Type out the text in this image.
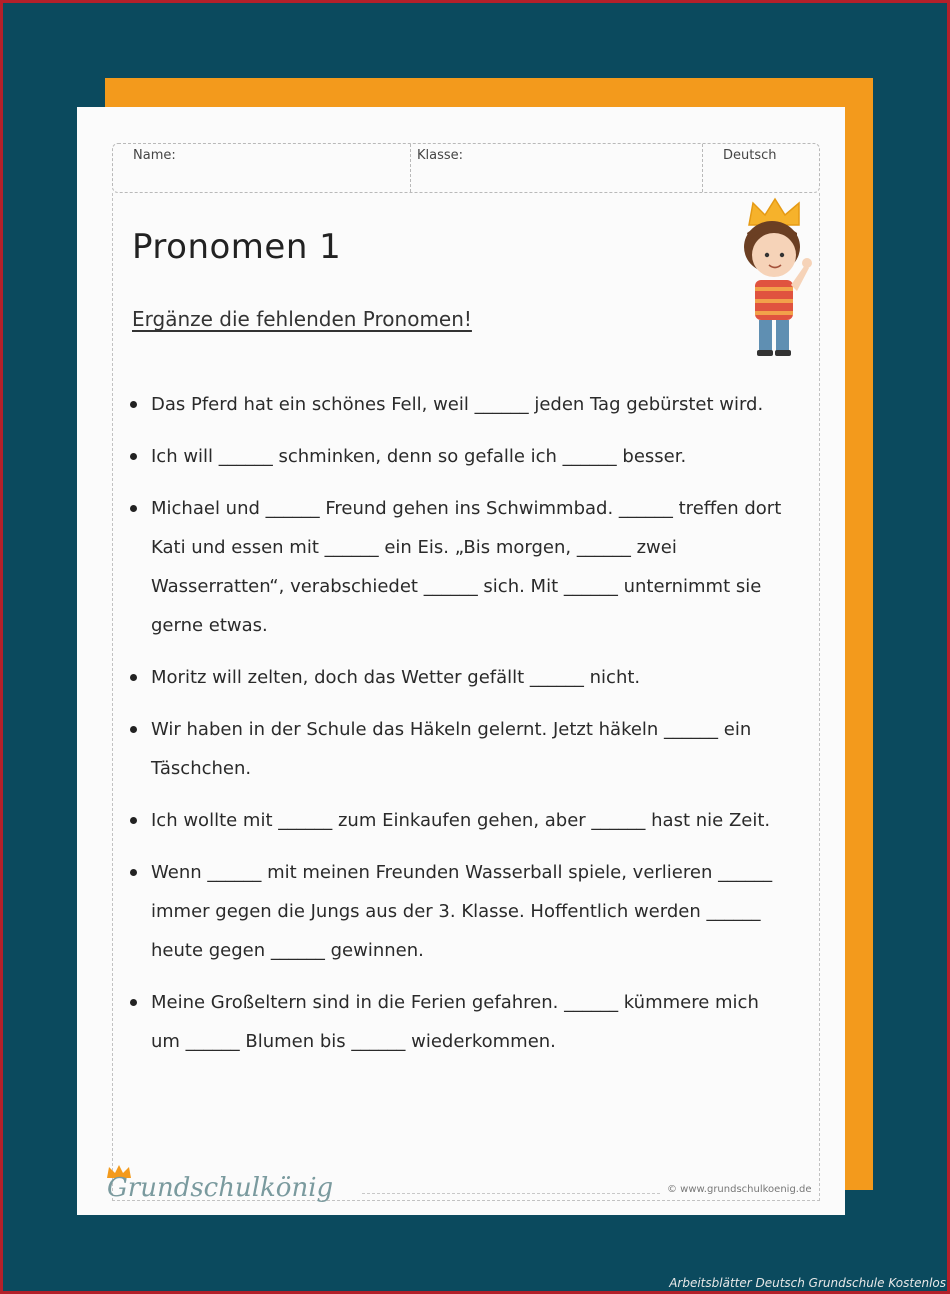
Name:	Klasse:	Deutsch
Pronomen 1
Ergänze die fehlenden Pronomen!
Das Pferd hat ein schönes Fell, weil ______ jeden Tag gebürstet wird.
Ich will ______ schminken, denn so gefalle ich ______ besser.
Michael und ______ Freund gehen ins Schwimmbad. ______ treffen dort Kati und essen mit ______ ein Eis. „Bis morgen, ______ zwei Wasserratten“, verabschiedet ______ sich. Mit ______ unternimmt sie gerne etwas.
Moritz will zelten, doch das Wetter gefällt ______ nicht.
Wir haben in der Schule das Häkeln gelernt. Jetzt häkeln ______ ein Täschchen.
Ich wollte mit ______ zum Einkaufen gehen, aber ______ hast nie Zeit.
Wenn ______ mit meinen Freunden Wasserball spiele, verlieren ______ immer gegen die Jungs aus der 3. Klasse. Hoffentlich werden ______ heute gegen ______ gewinnen.
Meine Großeltern sind in die Ferien gefahren. ______ kümmere mich um ______ Blumen bis ______ wiederkommen.
Grundschulkönig	© www.grundschulkoenig.de
Arbeitsblätter Deutsch Grundschule Kostenlos
